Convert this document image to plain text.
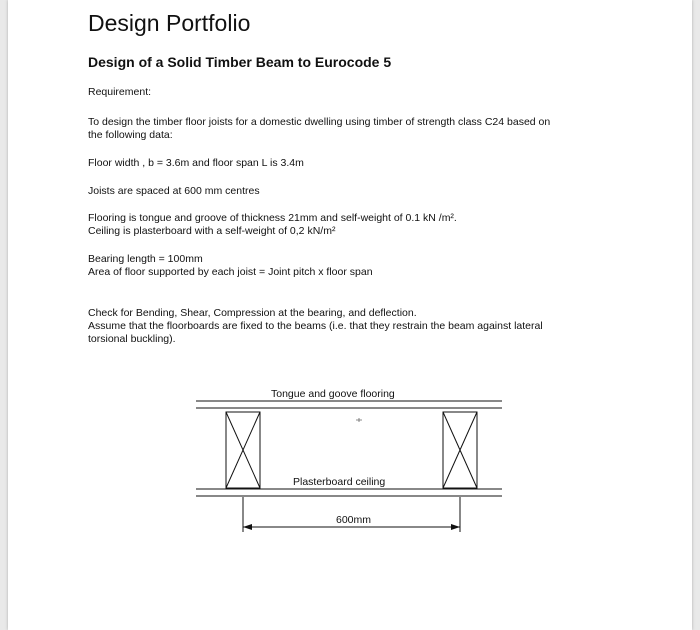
Design Portfolio
Design of a Solid Timber Beam to Eurocode 5

Requirement:

To design the timber floor joists for a domestic dwelling using timber of strength class C24 based on
the following data:

Floor width , b = 3.6m and floor span L is 3.4m

Joists are spaced at 600 mm centres

Flooring is tongue and groove of thickness 21mm and self-weight of 0.1 kN /m².
Ceiling is plasterboard with a self-weight of 0,2 kN/m²

Bearing length = 100mm
Area of floor supported by each joist = Joint pitch x floor span

Check for Bending, Shear, Compression at the bearing, and deflection.
Assume that the floorboards are fixed to the beams (i.e. that they restrain the beam against lateral
torsional buckling).

Tongue and goove flooring
Plasterboard ceiling
600mm
